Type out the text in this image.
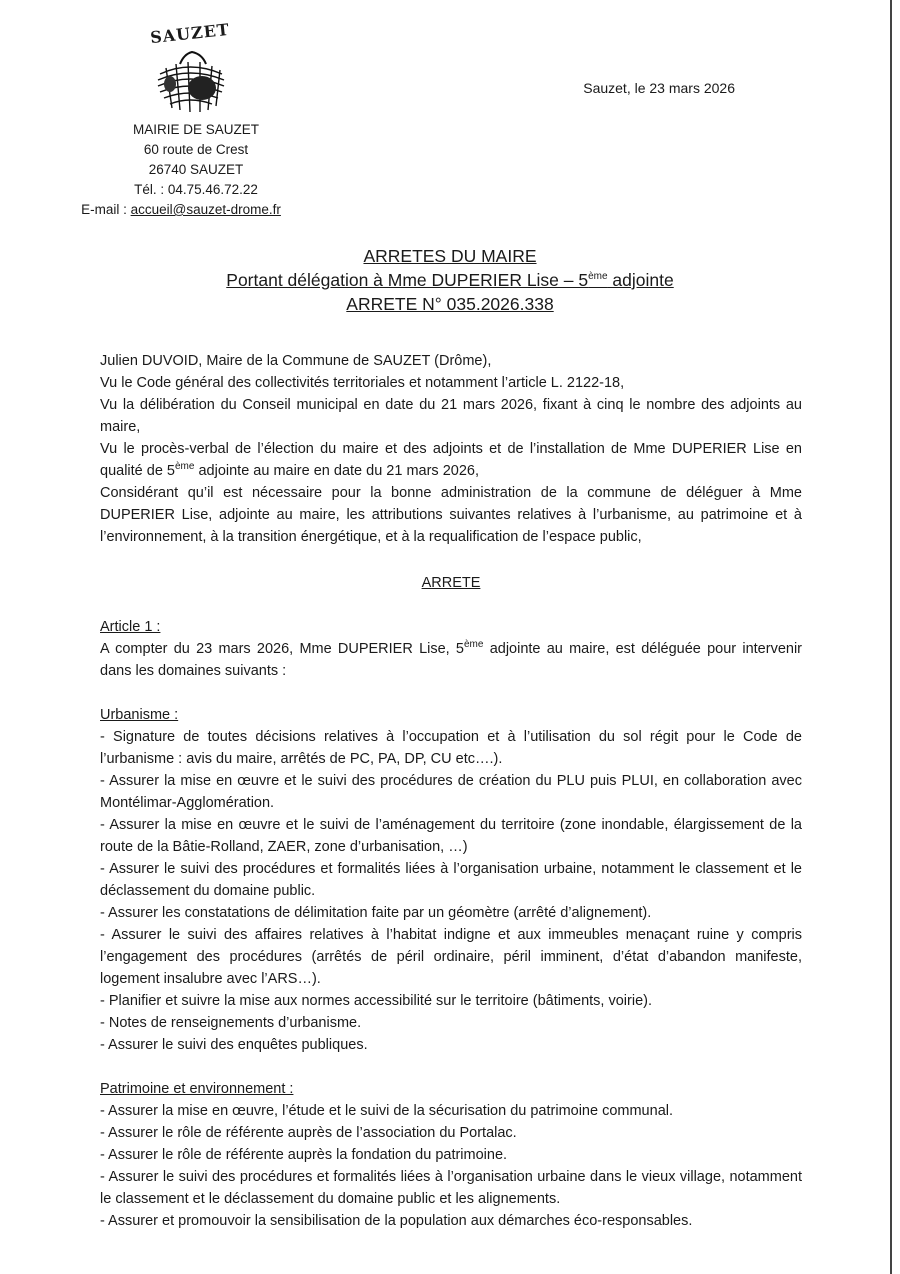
SAUZET
MAIRIE DE SAUZET
60 route de Crest
26740 SAUZET
Tél. : 04.75.46.72.22
E-mail : accueil@sauzet-drome.fr
Sauzet, le 23 mars 2026
ARRETES DU MAIRE
Portant délégation à Mme DUPERIER Lise – 5ème adjointe
ARRETE N° 035.2026.338

Julien DUVOID, Maire de la Commune de SAUZET (Drôme),

Vu le Code général des collectivités territoriales et notamment l’article L. 2122-18,

Vu la délibération du Conseil municipal en date du 21 mars 2026, fixant à cinq le nombre des adjoints au maire,

Vu le procès-verbal de l’élection du maire et des adjoints et de l’installation de Mme DUPERIER Lise en qualité de 5ème adjointe au maire en date du 21 mars 2026,

Considérant qu’il est nécessaire pour la bonne administration de la commune de déléguer à Mme DUPERIER Lise, adjointe au maire, les attributions suivantes relatives à l’urbanisme, au patrimoine et à l’environnement, à la transition énergétique, et à la requalification de l’espace public,

ARRETE

Article 1 :

A compter du 23 mars 2026, Mme DUPERIER Lise, 5ème adjointe au maire, est déléguée pour intervenir dans les domaines suivants :

Urbanisme :

- Signature de toutes décisions relatives à l’occupation et à l’utilisation du sol régit pour le Code de l’urbanisme : avis du maire, arrêtés de PC, PA, DP, CU etc….).

- Assurer la mise en œuvre et le suivi des procédures de création du PLU puis PLUI, en collaboration avec Montélimar-Agglomération.

- Assurer la mise en œuvre et le suivi de l’aménagement du territoire (zone inondable, élargissement de la route de la Bâtie-Rolland, ZAER, zone d’urbanisation, …)

- Assurer le suivi des procédures et formalités liées à l’organisation urbaine, notamment le classement et le déclassement du domaine public.

- Assurer les constatations de délimitation faite par un géomètre (arrêté d’alignement).

- Assurer le suivi des affaires relatives à l’habitat indigne et aux immeubles menaçant ruine y compris l’engagement des procédures (arrêtés de péril ordinaire, péril imminent, d’état d’abandon manifeste, logement insalubre avec l’ARS…).

- Planifier et suivre la mise aux normes accessibilité sur le territoire (bâtiments, voirie).

- Notes de renseignements d’urbanisme.

- Assurer le suivi des enquêtes publiques.

Patrimoine et environnement :

- Assurer la mise en œuvre, l’étude et le suivi de la sécurisation du patrimoine communal.

- Assurer le rôle de référente auprès de l’association du Portalac.

- Assurer le rôle de référente auprès la fondation du patrimoine.

- Assurer le suivi des procédures et formalités liées à l’organisation urbaine dans le vieux village, notamment le classement et le déclassement du domaine public et les alignements.

- Assurer et promouvoir la sensibilisation de la population aux démarches éco-responsables.
